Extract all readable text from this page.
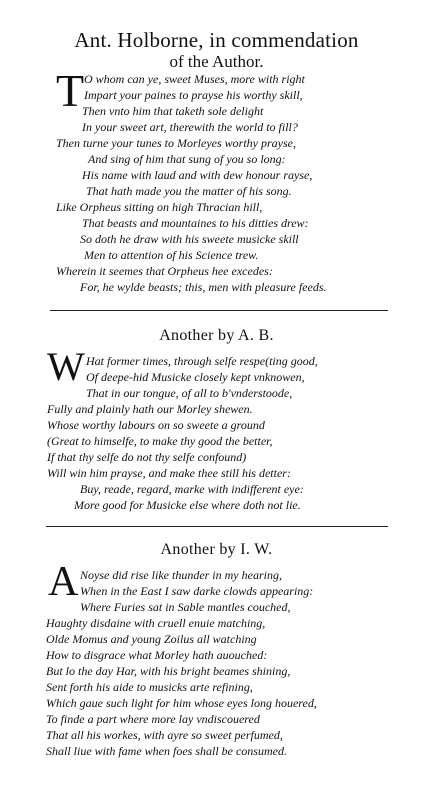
Ant. Holborne, in commendation
of the Author.
T O whom can ye, sweet Muses, more with right
Impart your paines to prayse his worthy skill,
Then vnto him that taketh sole delight
In your sweet art, therewith the world to fill?
Then turne your tunes to Morleyes worthy prayse,
And sing of him that sung of you so long:
His name with laud and with dew honour rayse,
That hath made you the matter of his song.
Like Orpheus sitting on high Thracian hill,
That beasts and mountaines to his ditties drew:
So doth he draw with his sweete musicke skill
Men to attention of his Science trew.
Wherein it seemes that Orpheus hee excedes:
For, he wylde beasts; this, men with pleasure feeds.
Another by A. B.
W Hat former times, through selfe respe(ting good,
Of deepe-hid Musicke closely kept vnknowen,
That in our tongue, of all to b'vnderstoode,
Fully and plainly hath our Morley shewen.
Whose worthy labours on so sweete a ground
(Great to himselfe, to make thy good the better,
If that thy selfe do not thy selfe confound)
Will win him prayse, and make thee still his detter:
Buy, reade, regard, marke with indifferent eye:
More good for Musicke else where doth not lie.
Another by I. W.
A Noyse did rise like thunder in my hearing,
When in the East I saw darke clowds appearing:
Where Furies sat in Sable mantles couched,
Haughty disdaine with cruell enuie matching,
Olde Momus and young Zoilus all watching
How to disgrace what Morley hath auouched:
But lo the day Har, with his bright beames shining,
Sent forth his aide to musicks arte refining,
Which gaue such light for him whose eyes long houered,
To finde a part where more lay vndiscouered
That all his workes, with ayre so sweet perfumed,
Shall liue with fame when foes shall be consumed.
